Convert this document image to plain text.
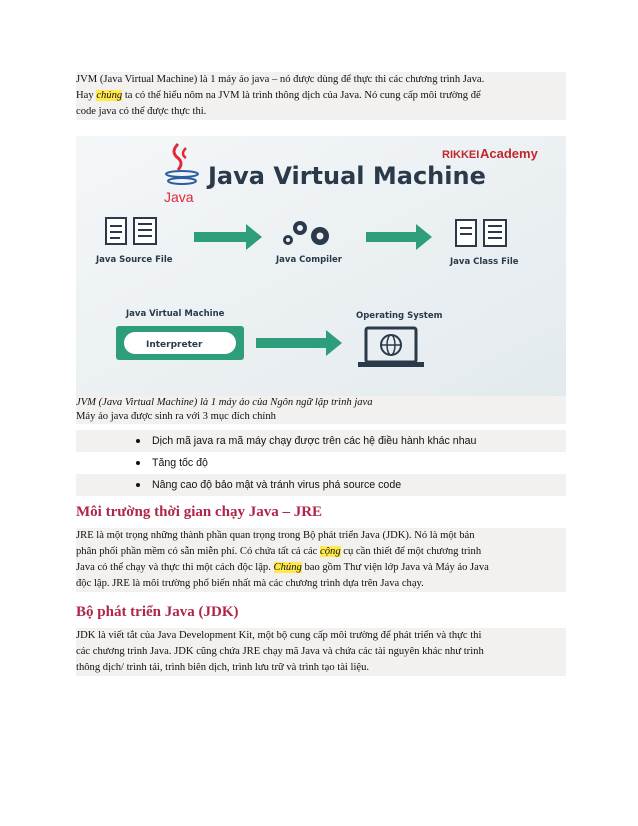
JVM (Java Virtual Machine) là 1 máy ảo java – nó được dùng để thực thi các chương trình Java.

Hay chúng ta có thể hiểu nôm na JVM là trình thông dịch của Java. Nó cung cấp môi trường để

code java có thể được thực thi.

Java
Java Virtual Machine
RIKKEI Academy
Java Source File	Java Compiler	Java Class File
Java Virtual Machine
Interpreter
Operating System
JVM (Java Virtual Machine) là 1 máy ảo của Ngôn ngữ lập trình java
Máy ảo java được sinh ra với 3 mục đích chính
Dịch mã java ra mã máy chạy được trên các hệ điều hành khác nhau
Tăng tốc độ
Nâng cao độ bảo mật và tránh virus phá source code
Môi trường thời gian chạy Java – JRE

JRE là một trọng những thành phần quan trọng trong Bộ phát triển Java (JDK). Nó là một bản

phân phối phần mềm có sẵn miễn phí. Có chứa tất cả các cộng cụ cần thiết để một chương trình

Java có thể chạy và thực thi một cách độc lập. Chúng bao gồm Thư viện lớp Java và Máy ảo Java

độc lập. JRE là môi trường phổ biến nhất mà các chương trình dựa trên Java chạy.

Bộ phát triển Java (JDK)

JDK là viết tắt của Java Development Kit, một bộ cung cấp môi trường để phát triển và thực thi

các chương trình Java. JDK cũng chứa JRE chạy mã Java và chứa các tài nguyên khác như trình

thông dịch/ trình tải, trình biên dịch, trình lưu trữ và trình tạo tài liệu.
